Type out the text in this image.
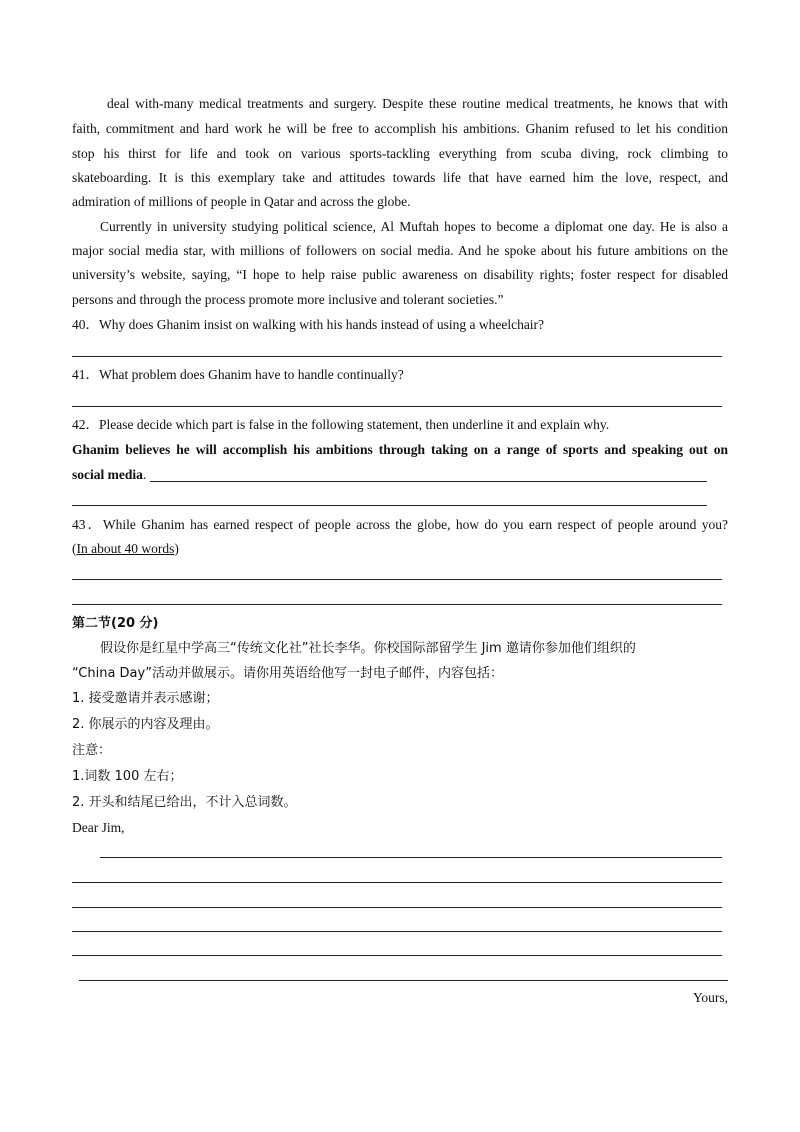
deal with-many medical treatments and surgery. Despite these routine medical treatments, he knows that with
faith, commitment and hard work he will be free to accomplish his ambitions. Ghanim refused to let his condition
stop his thirst for life and took on various sports-tackling everything from scuba diving, rock climbing to
skateboarding. It is this exemplary take and attitudes towards life that have earned him the love, respect, and
admiration of millions of people in Qatar and across the globe.
Currently in university studying political science, Al Muftah hopes to become a diplomat one day. He is also a
major social media star, with millions of followers on social media. And he spoke about his future ambitions on the
university’s website, saying, “I hope to help raise public awareness on disability rights; foster respect for disabled
persons and through the process promote more inclusive and tolerant societies.”
40．Why does Ghanim insist on walking with his hands instead of using a wheelchair?
41．What problem does Ghanim have to handle continually?
42．Please decide which part is false in the following statement, then underline it and explain why.
Ghanim believes he will accomplish his ambitions through taking on a range of sports and speaking out on
social media.
43．While Ghanim has earned respect of people across the globe, how do you earn respect of people around you?
(In about 40 words)
第二节(20 分)
假设你是红星中学高三“传统文化社”社长李华。你校国际部留学生 Jim 邀请你参加他们组织的
“China Day”活动并做展示。请你用英语给他写一封电子邮件，内容包括：
1. 接受邀请并表示感谢；
2. 你展示的内容及理由。
注意：
1.词数 100 左右；
2. 开头和结尾已给出，不计入总词数。
Dear Jim,
Yours,
